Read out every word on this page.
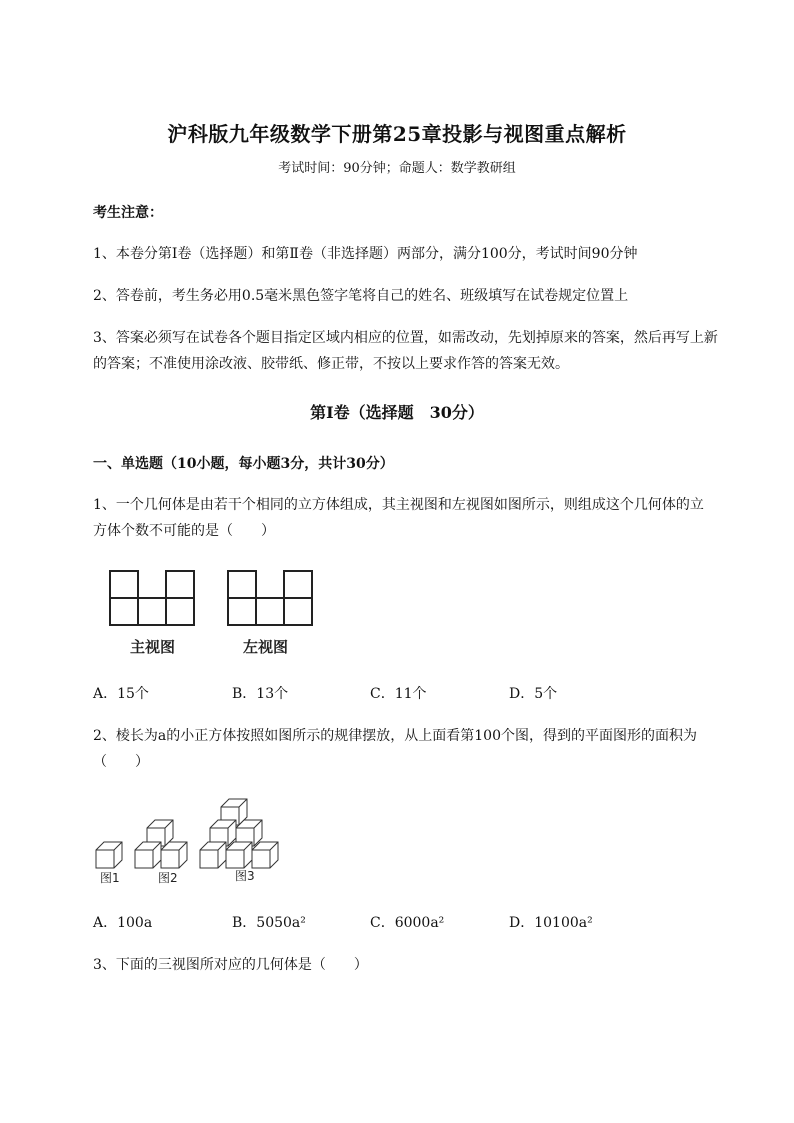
沪科版九年级数学下册第25章投影与视图重点解析
考试时间：90分钟；命题人：数学教研组
考生注意：
1、本卷分第I卷（选择题）和第Ⅱ卷（非选择题）两部分，满分100分，考试时间90分钟
2、答卷前，考生务必用0.5毫米黑色签字笔将自己的姓名、班级填写在试卷规定位置上
3、答案必须写在试卷各个题目指定区域内相应的位置，如需改动，先划掉原来的答案，然后再写上新
的答案；不准使用涂改液、胶带纸、修正带，不按以上要求作答的答案无效。
第I卷（选择题　30分）
一、单选题（10小题，每小题3分，共计30分）
1、一个几何体是由若干个相同的立方体组成，其主视图和左视图如图所示，则组成这个几何体的立
方体个数不可能的是（　　）
主视图	左视图
A．15个	B．13个	C．11个	D．5个
2、棱长为a的小正方体按照如图所示的规律摆放，从上面看第100个图，得到的平面图形的面积为
（　　）
图1	图2	图3
A．100a	B．5050a²	C．6000a²	D．10100a²
3、下面的三视图所对应的几何体是（　　）
